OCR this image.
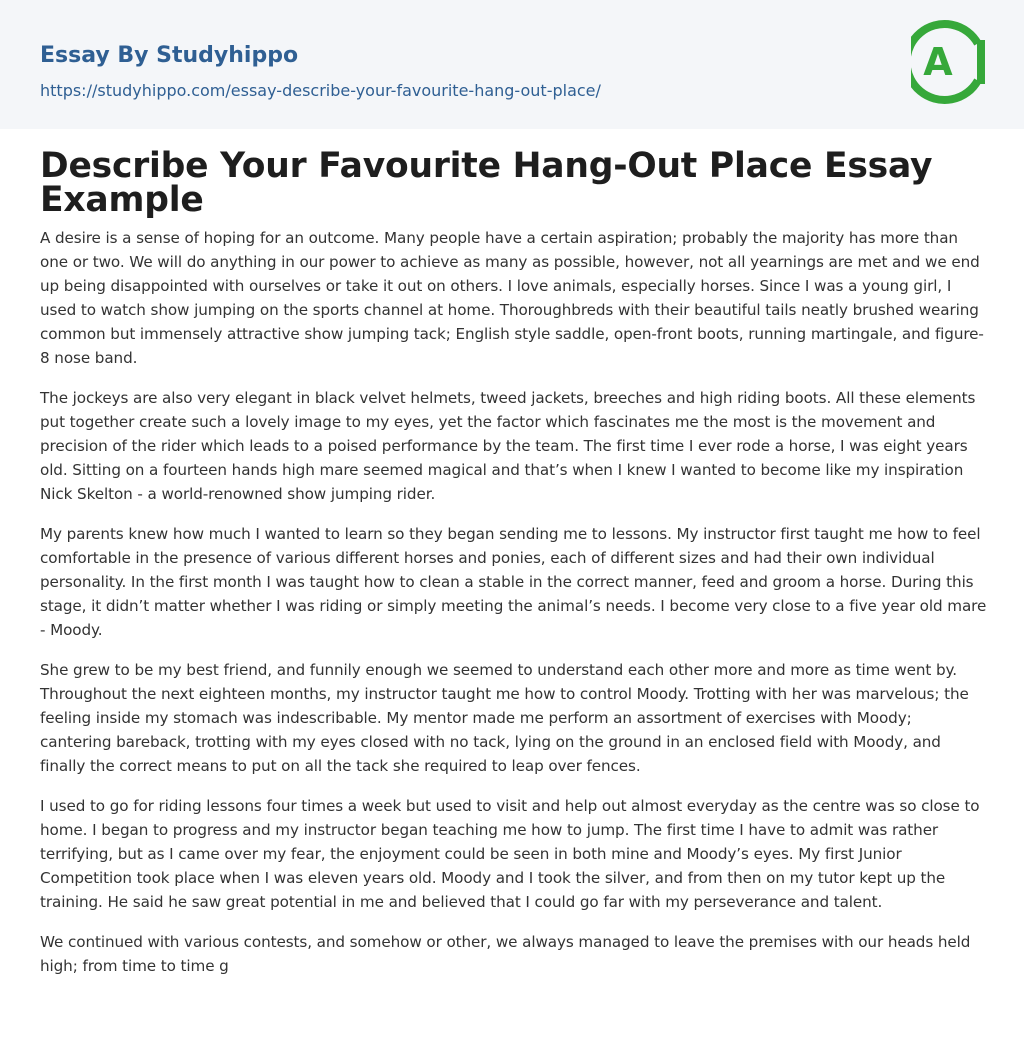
Essay By Studyhippo
https://studyhippo.com/essay-describe-your-favourite-hang-out-place/
A
Describe Your Favourite Hang-Out Place Essay Example

A desire is a sense of hoping for an outcome. Many people have a certain aspiration; probably the majority has more than one or two. We will do anything in our power to achieve as many as possible, however, not all yearnings are met and we end up being disappointed with ourselves or take it out on others. I love animals, especially horses. Since I was a young girl, I used to watch show jumping on the sports channel at home. Thoroughbreds with their beautiful tails neatly brushed wearing common but immensely attractive show jumping tack; English style saddle, open-front boots, running martingale, and figure-8 nose band.

The jockeys are also very elegant in black velvet helmets, tweed jackets, breeches and high riding boots. All these elements put together create such a lovely image to my eyes, yet the factor which fascinates me the most is the movement and precision of the rider which leads to a poised performance by the team. The first time I ever rode a horse, I was eight years old. Sitting on a fourteen hands high mare seemed magical and that’s when I knew I wanted to become like my inspiration Nick Skelton - a world-renowned show jumping rider.

My parents knew how much I wanted to learn so they began sending me to lessons. My instructor first taught me how to feel comfortable in the presence of various different horses and ponies, each of different sizes and had their own individual personality. In the first month I was taught how to clean a stable in the correct manner, feed and groom a horse. During this stage, it didn’t matter whether I was riding or simply meeting the animal’s needs. I become very close to a five year old mare - Moody.

She grew to be my best friend, and funnily enough we seemed to understand each other more and more as time went by. Throughout the next eighteen months, my instructor taught me how to control Moody. Trotting with her was marvelous; the feeling inside my stomach was indescribable. My mentor made me perform an assortment of exercises with Moody; cantering bareback, trotting with my eyes closed with no tack, lying on the ground in an enclosed field with Moody, and finally the correct means to put on all the tack she required to leap over fences.

I used to go for riding lessons four times a week but used to visit and help out almost everyday as the centre was so close to home. I began to progress and my instructor began teaching me how to jump. The first time I have to admit was rather terrifying, but as I came over my fear, the enjoyment could be seen in both mine and Moody’s eyes. My first Junior Competition took place when I was eleven years old. Moody and I took the silver, and from then on my tutor kept up the training. He said he saw great potential in me and believed that I could go far with my perseverance and talent.

We continued with various contests, and somehow or other, we always managed to leave the premises with our heads held high; from time to time g
